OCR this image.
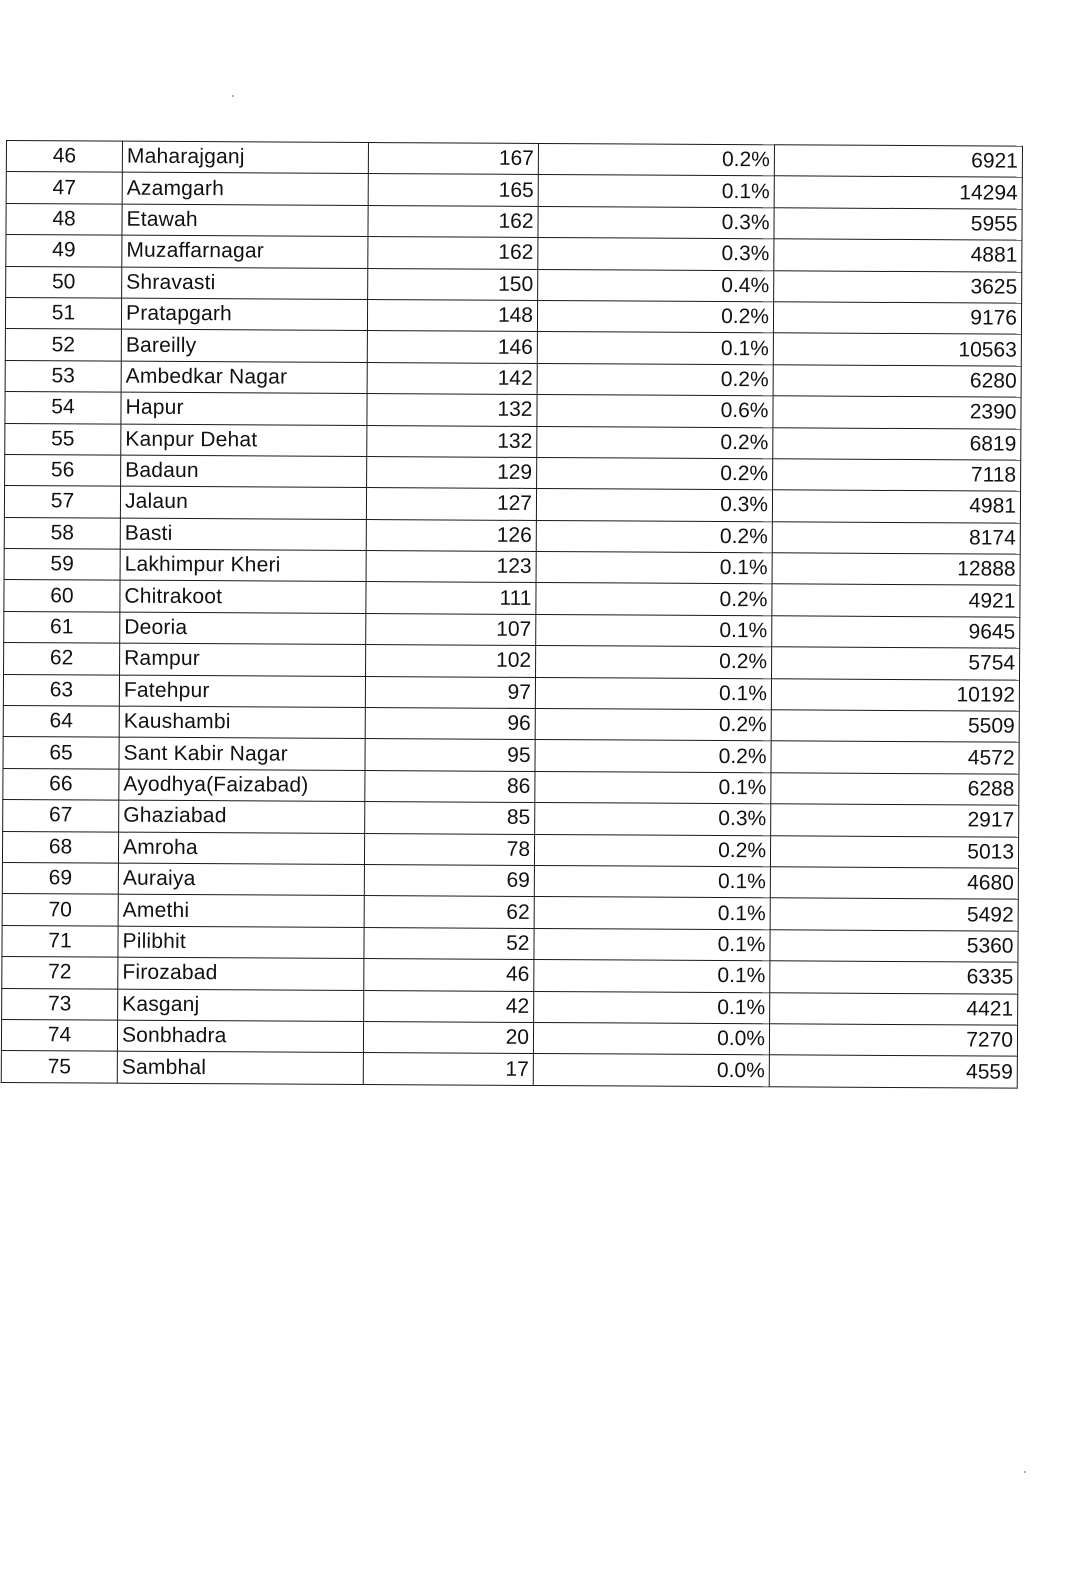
46	Maharajganj	167	0.2%	6921
47	Azamgarh	165	0.1%	14294
48	Etawah	162	0.3%	5955
49	Muzaffarnagar	162	0.3%	4881
50	Shravasti	150	0.4%	3625
51	Pratapgarh	148	0.2%	9176
52	Bareilly	146	0.1%	10563
53	Ambedkar Nagar	142	0.2%	6280
54	Hapur	132	0.6%	2390
55	Kanpur Dehat	132	0.2%	6819
56	Badaun	129	0.2%	7118
57	Jalaun	127	0.3%	4981
58	Basti	126	0.2%	8174
59	Lakhimpur Kheri	123	0.1%	12888
60	Chitrakoot	111	0.2%	4921
61	Deoria	107	0.1%	9645
62	Rampur	102	0.2%	5754
63	Fatehpur	97	0.1%	10192
64	Kaushambi	96	0.2%	5509
65	Sant Kabir Nagar	95	0.2%	4572
66	Ayodhya(Faizabad)	86	0.1%	6288
67	Ghaziabad	85	0.3%	2917
68	Amroha	78	0.2%	5013
69	Auraiya	69	0.1%	4680
70	Amethi	62	0.1%	5492
71	Pilibhit	52	0.1%	5360
72	Firozabad	46	0.1%	6335
73	Kasganj	42	0.1%	4421
74	Sonbhadra	20	0.0%	7270
75	Sambhal	17	0.0%	4559
